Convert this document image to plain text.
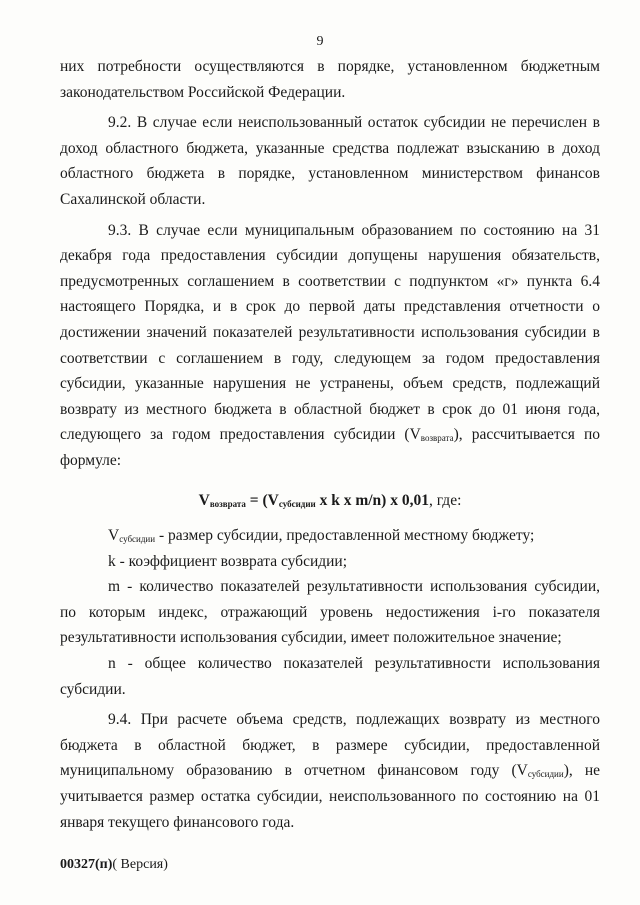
9

них потребности осуществляются в порядке, установленном бюджетным законодательством Российской Федерации.

9.2. В случае если неиспользованный остаток субсидии не перечислен в доход областного бюджета, указанные средства подлежат взысканию в доход областного бюджета в порядке, установленном министерством финансов Сахалинской области.

9.3. В случае если муниципальным образованием по состоянию на 31 декабря года предоставления субсидии допущены нарушения обязательств, предусмотренных соглашением в соответствии с подпунктом «г» пункта 6.4 настоящего Порядка, и в срок до первой даты представления отчетности о достижении значений показателей результативности использования субсидии в соответствии с соглашением в году, следующем за годом предоставления субсидии, указанные нарушения не устранены, объем средств, подлежащий возврату из местного бюджета в областной бюджет в срок до 01 июня года, следующего за годом предоставления субсидии $(V_{возврата})$, рассчитывается по формуле:

$V_{возврата} = (V_{субсидии}$ x k x m/n) x 0,01, где:

$V_{субсидии}$ - размер субсидии, предоставленной местному бюджету;

k - коэффициент возврата субсидии;

m - количество показателей результативности использования субсидии, по которым индекс, отражающий уровень недостижения i-го показателя результативности использования субсидии, имеет положительное значение;

n - общее количество показателей результативности использования субсидии.

9.4. При расчете объема средств, подлежащих возврату из местного бюджета в областной бюджет, в размере субсидии, предоставленной муниципальному образованию в отчетном финансовом году $(V_{субсидии})$, не учитывается размер остатка субсидии, неиспользованного по состоянию на 01 января текущего финансового года.

00327(п)( Версия)
